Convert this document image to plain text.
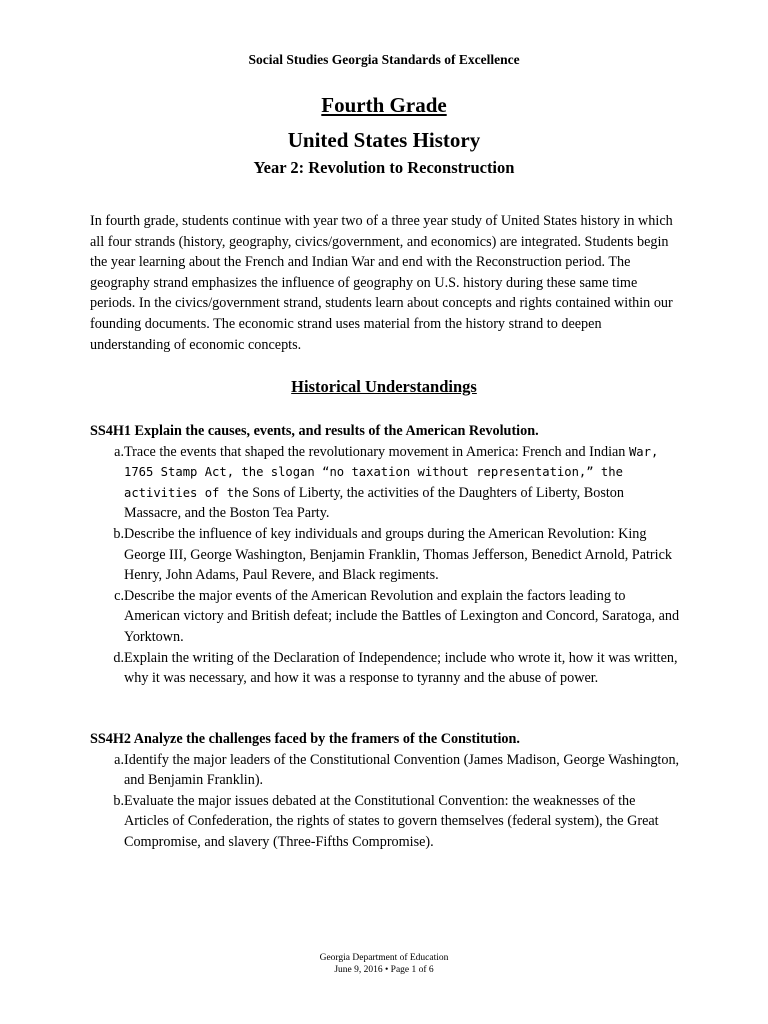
Social Studies Georgia Standards of Excellence
Fourth Grade
United States History
Year 2: Revolution to Reconstruction

In fourth grade, students continue with year two of a three year study of United States history in which all four strands (history, geography, civics/government, and economics) are integrated. Students begin the year learning about the French and Indian War and end with the Reconstruction period. The geography strand emphasizes the influence of geography on U.S. history during these same time periods. In the civics/government strand, students learn about concepts and rights contained within our founding documents. The economic strand uses material from the history strand to deepen understanding of economic concepts.

Historical Understandings

SS4H1 Explain the causes, events, and results of the American Revolution.

a. Trace the events that shaped the revolutionary movement in America: French and Indian War, 1765 Stamp Act, the slogan “no taxation without representation,” the activities of the Sons of Liberty, the activities of the Daughters of Liberty, Boston Massacre, and the Boston Tea Party.
b. Describe the influence of key individuals and groups during the American Revolution: King George III, George Washington, Benjamin Franklin, Thomas Jefferson, Benedict Arnold, Patrick Henry, John Adams, Paul Revere, and Black regiments.
c. Describe the major events of the American Revolution and explain the factors leading to American victory and British defeat; include the Battles of Lexington and Concord, Saratoga, and Yorktown.
d. Explain the writing of the Declaration of Independence; include who wrote it, how it was written, why it was necessary, and how it was a response to tyranny and the abuse of power.

SS4H2 Analyze the challenges faced by the framers of the Constitution.

a. Identify the major leaders of the Constitutional Convention (James Madison, George Washington, and Benjamin Franklin).
b. Evaluate the major issues debated at the Constitutional Convention: the weaknesses of the Articles of Confederation, the rights of states to govern themselves (federal system), the Great Compromise, and slavery (Three-Fifths Compromise).
Georgia Department of Education
June 9, 2016 • Page 1 of 6
